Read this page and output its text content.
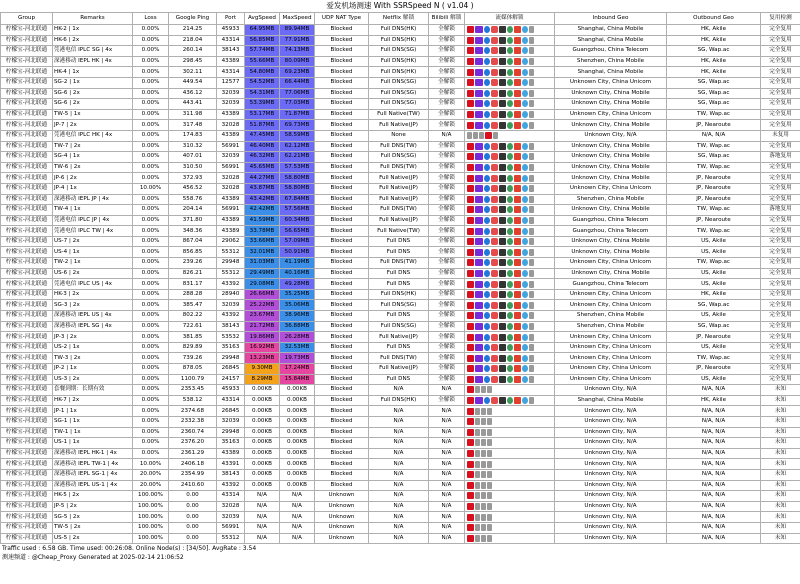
爱发机场测速 With SSRSpeed N ( v1.04 )
Group	Remarks	Loss	Google Ping	Port	AvgSpeed	MaxSpeed	UDP NAT Type	Netflix 解锁	Bilibili 解锁	流媒体解锁	Inbound Geo	Outbound Geo	复用检测
柠檬宝-河北联通	HK-2 | 1x	0.00%	214.25	45933	64.95MB	89.94MB	Blocked	Full DNS(HK)	全解锁		Shanghai, China Mobile	HK, Akile	完全复用
柠檬宝-河北联通	HK-6 | 2x	0.00%	218.04	43314	56.85MB	77.91MB	Blocked	Full DNS(HK)	全解锁		Shanghai, China Mobile	HK, Akile	完全复用
柠檬宝-河北联通	莞港电信 IPLC SG | 4x	0.00%	260.14	38143	57.74MB	74.13MB	Blocked	Full DNS(SG)	全解锁		Guangzhou, China Telecom	SG, Wap.ac	完全复用
柠檬宝-河北联通	深港移动 IEPL HK | 4x	0.00%	298.45	43389	55.66MB	80.09MB	Blocked	Full DNS(HK)	全解锁		Shenzhen, China Mobile	HK, Akile	完全复用
柠檬宝-河北联通	HK-4 | 1x	0.00%	302.11	43314	54.80MB	69.23MB	Blocked	Full DNS(HK)	全解锁		Shanghai, China Mobile	HK, Akile	完全复用
柠檬宝-河北联通	SG-2 | 1x	0.00%	449.54	12577	54.52MB	66.44MB	Blocked	Full DNS(SG)	全解锁		Unknown City, China Unicom	SG, Wap.ac	完全复用
柠檬宝-河北联通	SG-6 | 2x	0.00%	436.12	32039	54.31MB	77.06MB	Blocked	Full DNS(SG)	全解锁		Unknown City, China Mobile	SG, Wap.ac	完全复用
柠檬宝-河北联通	SG-6 | 2x	0.00%	443.41	32039	53.39MB	77.03MB	Blocked	Full DNS(SG)	全解锁		Unknown City, China Mobile	SG, Wap.ac	完全复用
柠檬宝-河北联通	TW-5 | 1x	0.00%	311.98	43389	53.17MB	71.87MB	Blocked	Full Native(TW)	全解锁		Unknown City, China Unicom	TW, Wap.ac	完全复用
柠檬宝-河北联通	JP-7 | 2x	0.00%	317.48	32028	51.87MB	69.73MB	Blocked	Full Native(JP)	全解锁		Unknown City, China Mobile	JP, Nearoute	完全复用
柠檬宝-河北联通	莞港电信 IPLC HK | 4x	0.00%	174.83	43389	47.45MB	58.59MB	Blocked	None	N/A		Unknown City, N/A	N/A, N/A	未复用
柠檬宝-河北联通	TW-7 | 2x	0.00%	310.32	56991	46.40MB	62.12MB	Blocked	Full DNS(TW)	全解锁		Unknown City, China Mobile	TW, Wap.ac	完全复用
柠檬宝-河北联通	SG-4 | 1x	0.00%	407.01	32039	46.32MB	62.21MB	Blocked	Full DNS(SG)	全解锁		Unknown City, China Mobile	SG, Wap.ac	落地复用
柠檬宝-河北联通	TW-6 | 2x	0.00%	310.50	56991	45.65MB	57.53MB	Blocked	Full DNS(TW)	全解锁		Unknown City, China Mobile	TW, Wap.ac	完全复用
柠檬宝-河北联通	JP-6 | 2x	0.00%	372.93	32028	44.27MB	58.80MB	Blocked	Full Native(JP)	全解锁		Unknown City, China Mobile	JP, Nearoute	完全复用
柠檬宝-河北联通	JP-4 | 1x	10.00%	456.52	32028	43.87MB	58.80MB	Blocked	Full Native(JP)	全解锁		Unknown City, China Unicom	JP, Nearoute	完全复用
柠檬宝-河北联通	深港移动 IEPL JP | 4x	0.00%	558.76	43389	43.42MB	67.84MB	Blocked	Full Native(JP)	全解锁		Shenzhen, China Mobile	JP, Nearoute	完全复用
柠檬宝-河北联通	TW-4 | 1x	0.00%	204.14	56991	42.42MB	57.56MB	Blocked	Full DNS(TW)	全解锁		Unknown City, China Mobile	TW, Wap.ac	落地复用
柠檬宝-河北联通	莞港电信 IPLC JP | 4x	0.00%	371.80	43389	41.59MB	60.34MB	Blocked	Full Native(JP)	全解锁		Guangzhou, China Telecom	JP, Nearoute	完全复用
柠檬宝-河北联通	莞港电信 IPLC TW | 4x	0.00%	348.36	43389	33.78MB	56.65MB	Blocked	Full Native(TW)	全解锁		Guangzhou, China Telecom	TW, Wap.ac	完全复用
柠檬宝-河北联通	US-7 | 2x	0.00%	867.04	29062	33.66MB	57.09MB	Blocked	Full DNS	全解锁		Unknown City, China Mobile	US, Akile	完全复用
柠檬宝-河北联通	US-4 | 1x	0.00%	856.85	55312	32.01MB	50.91MB	Blocked	Full DNS	全解锁		Unknown City, China Mobile	US, Akile	完全复用
柠檬宝-河北联通	TW-2 | 1x	0.00%	239.26	29948	31.03MB	41.19MB	Blocked	Full DNS(TW)	全解锁		Unknown City, China Unicom	TW, Wap.ac	完全复用
柠檬宝-河北联通	US-6 | 2x	0.00%	826.21	55312	29.49MB	40.16MB	Blocked	Full DNS	全解锁		Unknown City, China Mobile	US, Akile	完全复用
柠檬宝-河北联通	莞港电信 IPLC US | 4x	0.00%	831.17	43392	29.08MB	49.28MB	Blocked	Full DNS	全解锁		Guangzhou, China Telecom	US, Akile	完全复用
柠檬宝-河北联通	HK-3 | 2x	0.00%	288.28	28940	26.66MB	35.25MB	Blocked	Full DNS(HK)	全解锁		Unknown City, China Unicom	HK, Akile	完全复用
柠檬宝-河北联通	SG-3 | 2x	0.00%	385.47	32039	25.22MB	35.06MB	Blocked	Full DNS(SG)	全解锁		Unknown City, China Unicom	SG, Wap.ac	完全复用
柠檬宝-河北联通	深港移动 IEPL US | 4x	0.00%	802.22	43392	23.67MB	38.96MB	Blocked	Full DNS	全解锁		Shenzhen, China Mobile	US, Akile	完全复用
柠檬宝-河北联通	深港移动 IEPL SG | 4x	0.00%	722.61	38143	21.72MB	36.88MB	Blocked	Full DNS(SG)	全解锁		Shenzhen, China Mobile	SG, Wap.ac	完全复用
柠檬宝-河北联通	JP-3 | 2x	0.00%	381.85	53532	19.86MB	26.28MB	Blocked	Full Native(JP)	全解锁		Unknown City, China Unicom	JP, Nearoute	完全复用
柠檬宝-河北联通	US-2 | 1x	0.00%	829.89	35163	16.92MB	32.53MB	Blocked	Full DNS	全解锁		Unknown City, China Unicom	US, Akile	完全复用
柠檬宝-河北联通	TW-3 | 2x	0.00%	739.26	29948	13.23MB	19.73MB	Blocked	Full DNS(TW)	全解锁		Unknown City, China Unicom	TW, Wap.ac	完全复用
柠檬宝-河北联通	JP-2 | 1x	0.00%	878.05	26845	9.30MB	17.24MB	Blocked	Full Native(JP)	全解锁		Unknown City, China Unicom	JP, Nearoute	完全复用
柠檬宝-河北联通	US-3 | 2x	0.00%	1100.79	24157	8.29MB	15.84MB	Blocked	Full DNS	全解锁		Unknown City, China Unicom	US, Akile	完全复用
柠檬宝-河北联通	套餐到期：长期有效	0.00%	2353.45	45933	0.00KB	0.00KB	Blocked	N/A	N/A		Unknown City, N/A	N/A, N/A	未知
柠檬宝-河北联通	HK-7 | 2x	0.00%	538.12	43314	0.00KB	0.00KB	Blocked	Full DNS(HK)	全解锁		Shanghai, China Mobile	HK, Akile	未知
柠檬宝-河北联通	JP-1 | 1x	0.00%	2374.68	26845	0.00KB	0.00KB	Blocked	N/A	N/A		Unknown City, N/A	N/A, N/A	未知
柠檬宝-河北联通	SG-1 | 1x	0.00%	2332.38	32039	0.00KB	0.00KB	Blocked	N/A	N/A		Unknown City, N/A	N/A, N/A	未知
柠檬宝-河北联通	TW-1 | 1x	0.00%	2360.74	29948	0.00KB	0.00KB	Blocked	N/A	N/A		Unknown City, N/A	N/A, N/A	未知
柠檬宝-河北联通	US-1 | 1x	0.00%	2376.20	35163	0.00KB	0.00KB	Blocked	N/A	N/A		Unknown City, N/A	N/A, N/A	未知
柠檬宝-河北联通	深港移动 IEPL HK-1 | 4x	0.00%	2361.29	43389	0.00KB	0.00KB	Blocked	N/A	N/A		Unknown City, N/A	N/A, N/A	未知
柠檬宝-河北联通	深港移动 IEPL TW-1 | 4x	10.00%	2406.18	43391	0.00KB	0.00KB	Blocked	N/A	N/A		Unknown City, N/A	N/A, N/A	未知
柠檬宝-河北联通	深港移动 IEPL SG-1 | 4x	20.00%	2354.99	38143	0.00KB	0.00KB	Blocked	N/A	N/A		Unknown City, N/A	N/A, N/A	未知
柠檬宝-河北联通	深港移动 IEPL US-1 | 4x	20.00%	2410.60	43392	0.00KB	0.00KB	Blocked	N/A	N/A		Unknown City, N/A	N/A, N/A	未知
柠檬宝-河北联通	HK-5 | 2x	100.00%	0.00	43314	N/A	N/A	Unknown	N/A	N/A		Unknown City, N/A	N/A, N/A	未知
柠檬宝-河北联通	JP-5 | 2x	100.00%	0.00	32028	N/A	N/A	Unknown	N/A	N/A		Unknown City, N/A	N/A, N/A	未知
柠檬宝-河北联通	SG-5 | 2x	100.00%	0.00	32039	N/A	N/A	Unknown	N/A	N/A		Unknown City, N/A	N/A, N/A	未知
柠檬宝-河北联通	TW-5 | 2x	100.00%	0.00	56991	N/A	N/A	Unknown	N/A	N/A		Unknown City, N/A	N/A, N/A	未知
柠檬宝-河北联通	US-5 | 2x	100.00%	0.00	55312	N/A	N/A	Unknown	N/A	N/A		Unknown City, N/A	N/A, N/A	未知
Traffic used : 6.58 GB. Time used: 00:26:08. Online Node(s) : [34/50]. AvgRate : 3.54
测速频道 : @Cheap_Proxy Generated at 2025-02-14 21:06:52
